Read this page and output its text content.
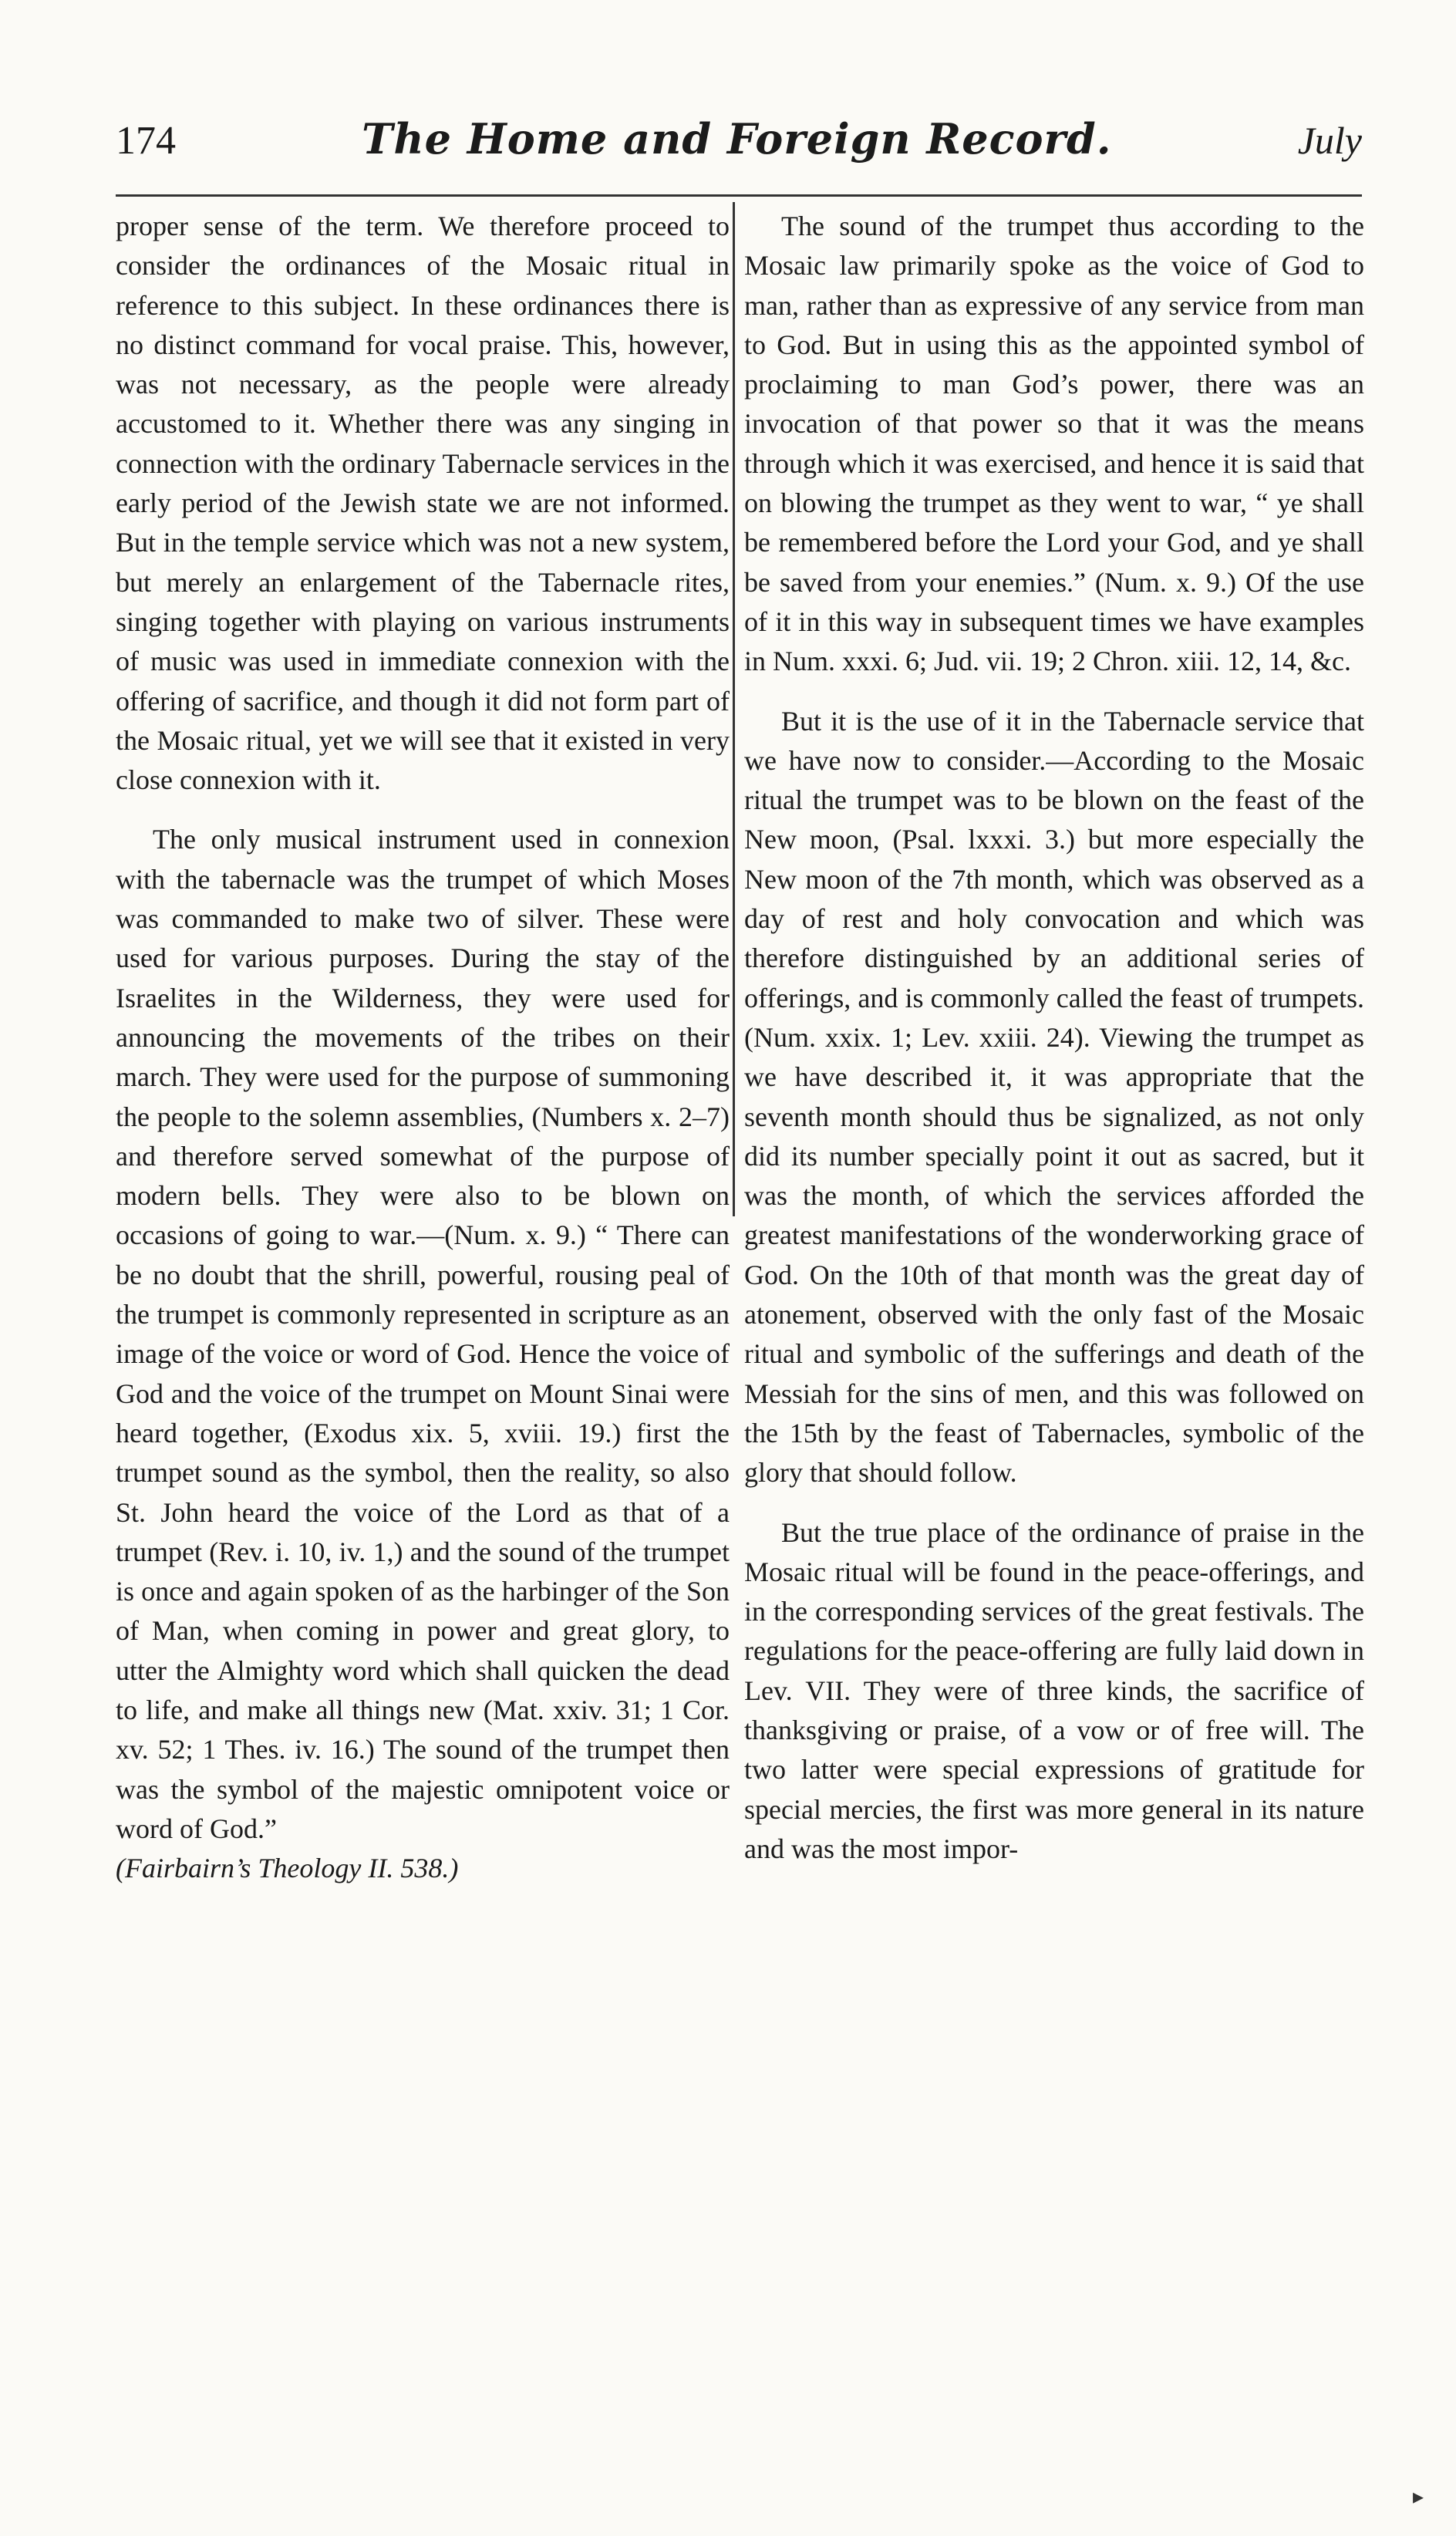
174	The Home and Foreign Record.	July

proper sense of the term. We therefore proceed to consider the ordinances of the Mosaic ritual in reference to this subject. In these ordinances there is no distinct command for vocal praise. This, however, was not necessary, as the people were already accustomed to it. Whether there was any singing in connection with the ordinary Tabernacle services in the early period of the Jewish state we are not informed. But in the temple service which was not a new system, but merely an enlargement of the Tabernacle rites, singing together with playing on various instruments of music was used in immediate connexion with the offering of sacrifice, and though it did not form part of the Mosaic ritual, yet we will see that it existed in very close connexion with it.

The only musical instrument used in connexion with the tabernacle was the trumpet of which Moses was commanded to make two of silver. These were used for various purposes. During the stay of the Israelites in the Wilderness, they were used for announcing the movements of the tribes on their march. They were used for the purpose of summoning the people to the solemn assemblies, (Numbers x. 2–7) and therefore served somewhat of the purpose of modern bells. They were also to be blown on occasions of going to war.—(Num. x. 9.) “ There can be no doubt that the shrill, powerful, rousing peal of the trumpet is commonly represented in scripture as an image of the voice or word of God. Hence the voice of God and the voice of the trumpet on Mount Sinai were heard together, (Exodus xix. 5, xviii. 19.) first the trumpet sound as the symbol, then the reality, so also St. John heard the voice of the Lord as that of a trumpet (Rev. i. 10, iv. 1,) and the sound of the trumpet is once and again spoken of as the harbinger of the Son of Man, when coming in power and great glory, to utter the Almighty word which shall quicken the dead to life, and make all things new (Mat. xxiv. 31; 1 Cor. xv. 52; 1 Thes. iv. 16.) The sound of the trumpet then was the symbol of the majestic omnipotent voice or word of God.”

(Fairbairn’s Theology II. 538.)

The sound of the trumpet thus according to the Mosaic law primarily spoke as the voice of God to man, rather than as expressive of any service from man to God. But in using this as the appointed symbol of proclaiming to man God’s power, there was an invocation of that power so that it was the means through which it was exercised, and hence it is said that on blowing the trumpet as they went to war, “ ye shall be remembered before the Lord your God, and ye shall be saved from your enemies.” (Num. x. 9.) Of the use of it in this way in subsequent times we have examples in Num. xxxi. 6; Jud. vii. 19; 2 Chron. xiii. 12, 14, &c.

But it is the use of it in the Tabernacle service that we have now to consider.—According to the Mosaic ritual the trumpet was to be blown on the feast of the New moon, (Psal. lxxxi. 3.) but more especially the New moon of the 7th month, which was observed as a day of rest and holy convocation and which was therefore distinguished by an additional series of offerings, and is commonly called the feast of trumpets. (Num. xxix. 1; Lev. xxiii. 24). Viewing the trumpet as we have described it, it was appropriate that the seventh month should thus be signalized, as not only did its number specially point it out as sacred, but it was the month, of which the services afforded the greatest manifestations of the wonderworking grace of God. On the 10th of that month was the great day of atonement, observed with the only fast of the Mosaic ritual and symbolic of the sufferings and death of the Messiah for the sins of men, and this was followed on the 15th by the feast of Tabernacles, symbolic of the glory that should follow.

But the true place of the ordinance of praise in the Mosaic ritual will be found in the peace-offerings, and in the corresponding services of the great festivals. The regulations for the peace-offering are fully laid down in Lev. VII. They were of three kinds, the sacrifice of thanksgiving or praise, of a vow or of free will. The two latter were special expressions of gratitude for special mercies, the first was more general in its nature and was the most impor-

▸
